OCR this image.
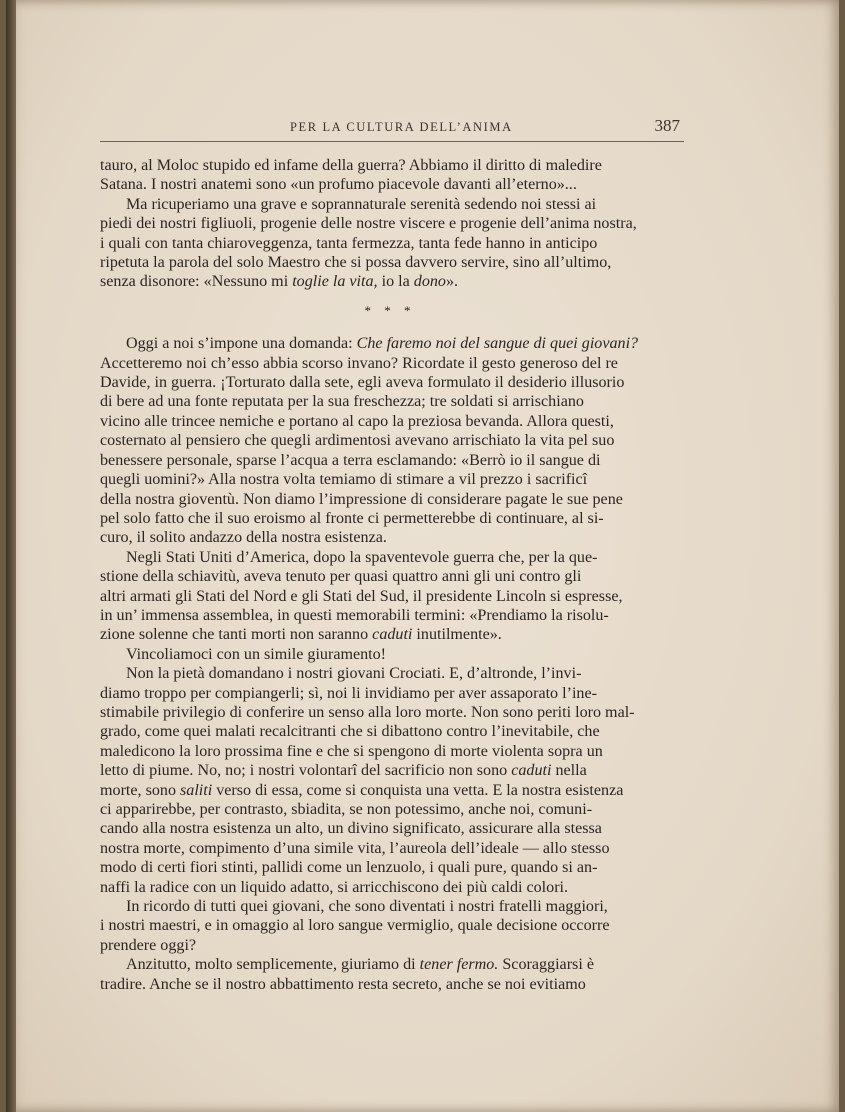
PER LA CULTURA DELL’ANIMA	387

tauro, al Moloc stupido ed infame della guerra? Abbiamo il diritto di maledire
Satana. I nostri anatemi sono «un profumo piacevole davanti all’eterno»...

Ma ricuperiamo una grave e soprannaturale serenità sedendo noi stessi ai
piedi dei nostri figliuoli, progenie delle nostre viscere e progenie dell’anima nostra,
i quali con tanta chiaroveggenza, tanta fermezza, tanta fede hanno in anticipo
ripetuta la parola del solo Maestro che si possa davvero servire, sino all’ultimo,
senza disonore: «Nessuno mi toglie la vita, io la dono».

* * *

Oggi a noi s’impone una domanda: Che faremo noi del sangue di quei giovani?
Accetteremo noi ch’esso abbia scorso invano? Ricordate il gesto generoso del re
Davide, in guerra. ¡Torturato dalla sete, egli aveva formulato il desiderio illusorio
di bere ad una fonte reputata per la sua freschezza; tre soldati si arrischiano
vicino alle trincee nemiche e portano al capo la preziosa bevanda. Allora questi,
costernato al pensiero che quegli ardimentosi avevano arrischiato la vita pel suo
benessere personale, sparse l’acqua a terra esclamando: «Berrò io il sangue di
quegli uomini?» Alla nostra volta temiamo di stimare a vil prezzo i sacrificî
della nostra gioventù. Non diamo l’impressione di considerare pagate le sue pene
pel solo fatto che il suo eroismo al fronte ci permetterebbe di continuare, al si-
curo, il solito andazzo della nostra esistenza.

Negli Stati Uniti d’America, dopo la spaventevole guerra che, per la que-
stione della schiavitù, aveva tenuto per quasi quattro anni gli uni contro gli
altri armati gli Stati del Nord e gli Stati del Sud, il presidente Lincoln si espresse,
in un’ immensa assemblea, in questi memorabili termini: «Prendiamo la risolu-
zione solenne che tanti morti non saranno caduti inutilmente».

Vincoliamoci con un simile giuramento!

Non la pietà domandano i nostri giovani Crociati. E, d’altronde, l’invi-
diamo troppo per compiangerli; sì, noi li invidiamo per aver assaporato l’ine-
stimabile privilegio di conferire un senso alla loro morte. Non sono periti loro mal-
grado, come quei malati recalcitranti che si dibattono contro l’inevitabile, che
maledicono la loro prossima fine e che si spengono di morte violenta sopra un
letto di piume. No, no; i nostri volontarî del sacrificio non sono caduti nella
morte, sono saliti verso di essa, come si conquista una vetta. E la nostra esistenza
ci apparirebbe, per contrasto, sbiadita, se non potessimo, anche noi, comuni-
cando alla nostra esistenza un alto, un divino significato, assicurare alla stessa
nostra morte, compimento d’una simile vita, l’aureola dell’ideale — allo stesso
modo di certi fiori stinti, pallidi come un lenzuolo, i quali pure, quando si an-
naffi la radice con un liquido adatto, si arricchiscono dei più caldi colori.

In ricordo di tutti quei giovani, che sono diventati i nostri fratelli maggiori,
i nostri maestri, e in omaggio al loro sangue vermiglio, quale decisione occorre
prendere oggi?

Anzitutto, molto semplicemente, giuriamo di tener fermo. Scoraggiarsi è
tradire. Anche se il nostro abbattimento resta secreto, anche se noi evitiamo
